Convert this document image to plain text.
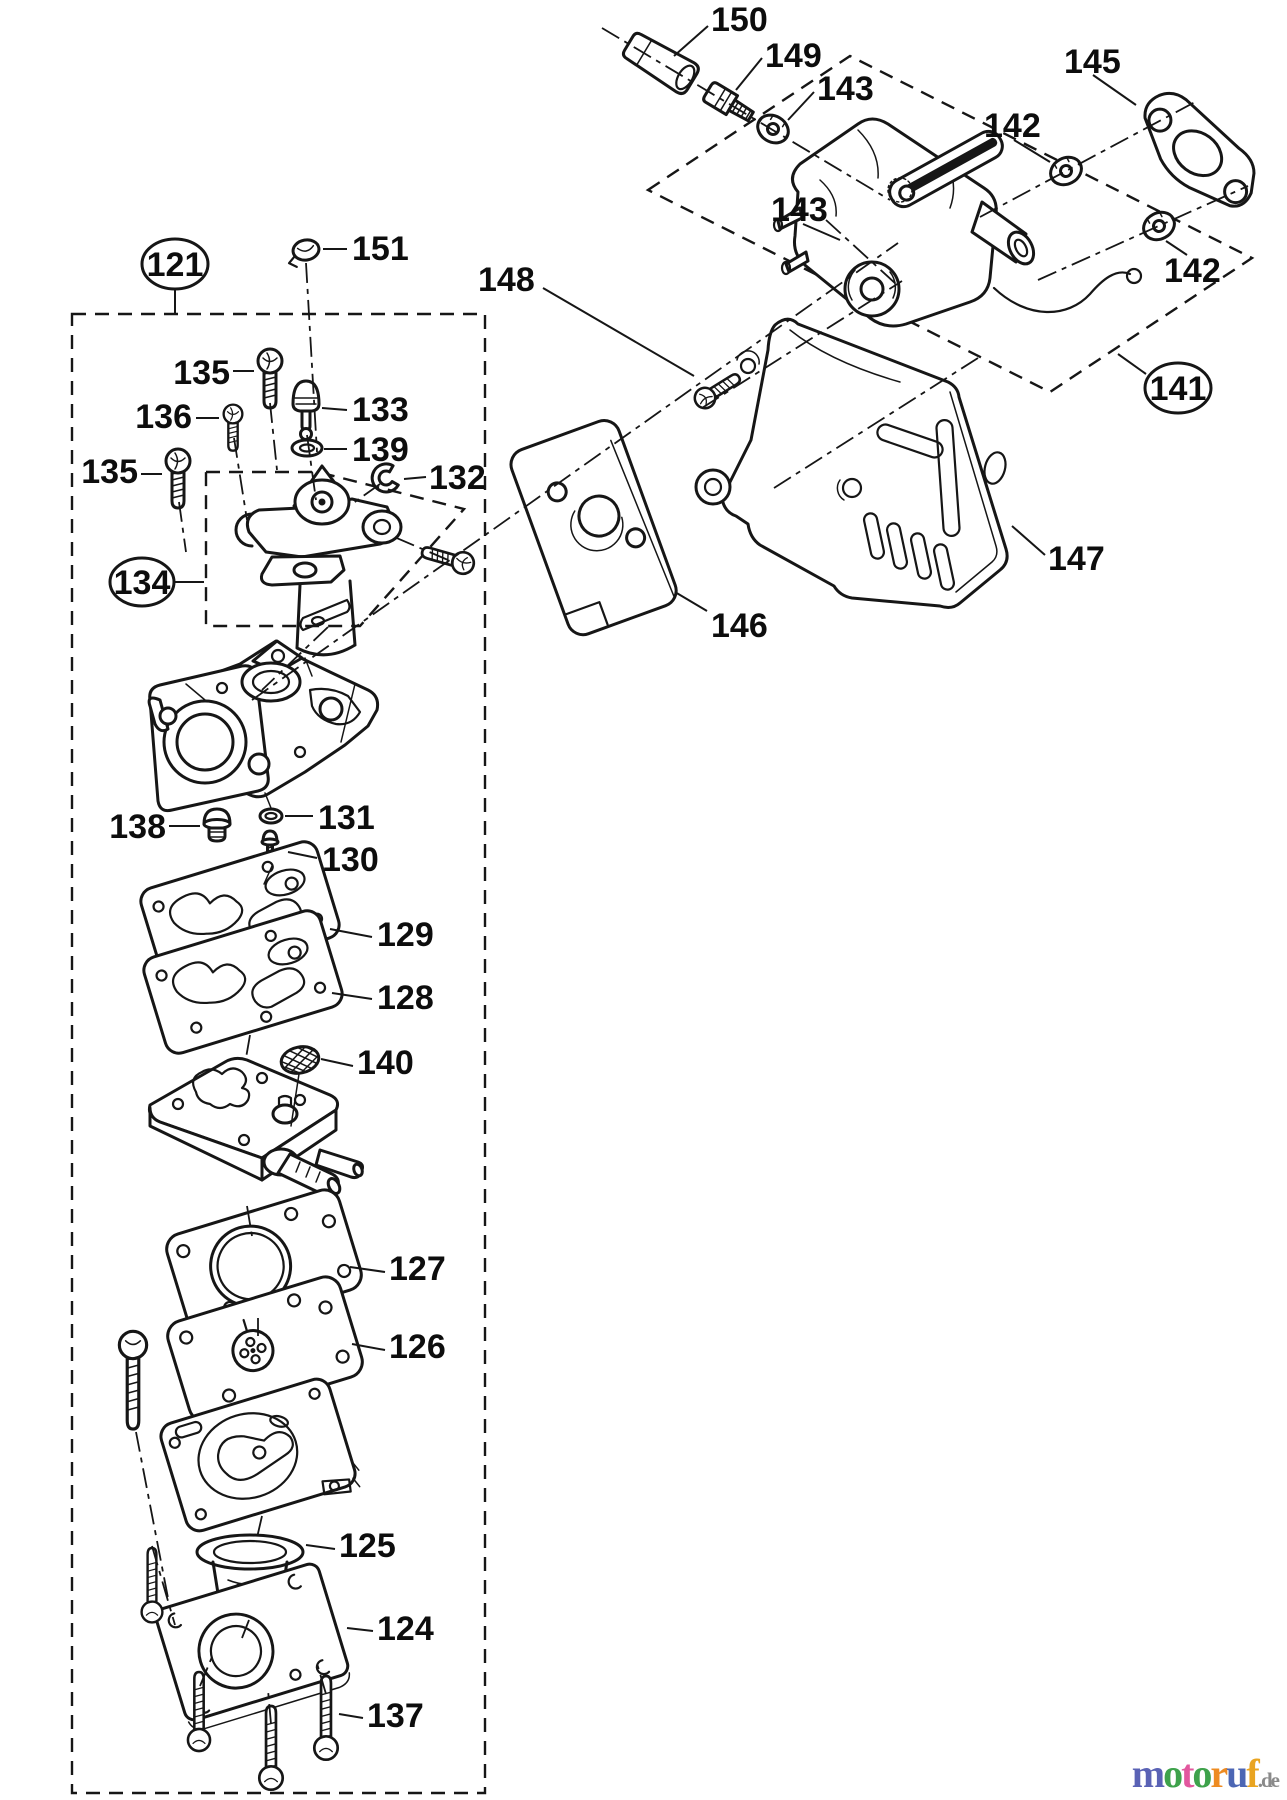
121
134
141
151
135
136	133
139
132
135
138	131
130
129
128
140
127
126
125
124
137
150
149
143
143
142
145
142
148
146
147
motoruf.de
